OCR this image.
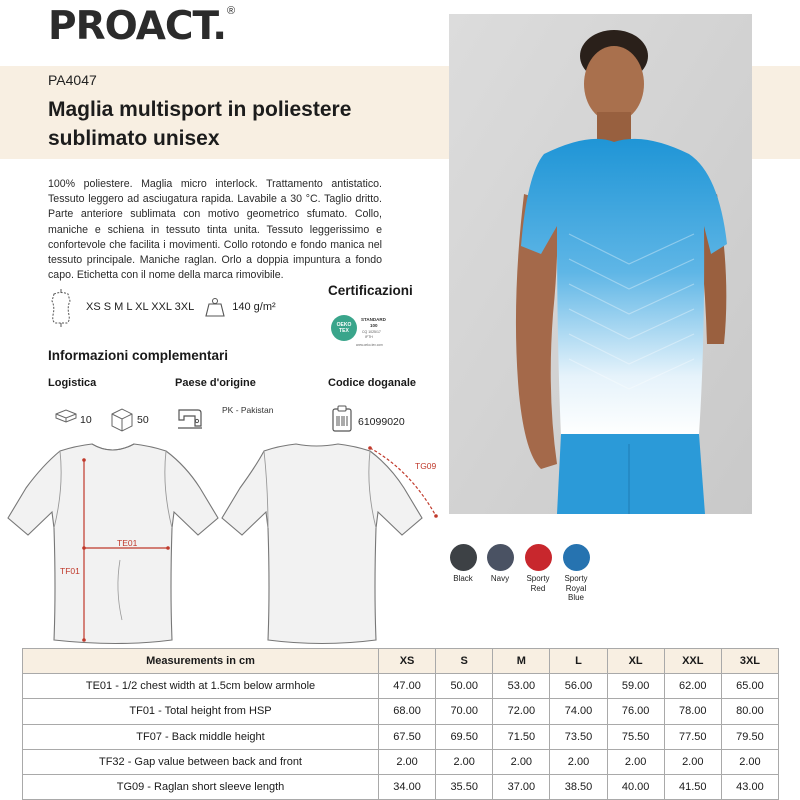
PROACT. ®
PA4047
Maglia multisport in poliestere sublimato unisex
100% poliestere. Maglia micro interlock. Trattamento antistatico. Tessuto leggero ad asciugatura rapida. Lavabile a 30 °C. Taglio dritto. Parte anteriore sublimata con motivo geometrico sfumato. Collo, maniche e schiena in tessuto tinta unita. Tessuto leggerissimo e confortevole che facilita i movimenti. Collo rotondo e fondo manica nel tessuto principale. Maniche raglan. Orlo a doppia impuntura a fondo capo. Etichetta con il nome della marca rimovibile.
XS S M L XL XXL 3XL	140 g/m²
Certificazioni
OEKO
TEX
STANDARD
100
CQ 1025/17
IFTH
www.oeko-tex.com
Informazioni complementari
Logistica	Paese d'origine	Codice doganale
10	50
PK - Pakistan
61099020
TE01
TF01
TG09
Black	Navy	Sporty
Red
Sporty
Royal
Blue
Measurements in cm	XS	S	M	L	XL	XXL	3XL
TE01 - 1/2 chest width at 1.5cm below armhole	47.00	50.00	53.00	56.00	59.00	62.00	65.00
TF01 - Total height from HSP	68.00	70.00	72.00	74.00	76.00	78.00	80.00
TF07 - Back middle height	67.50	69.50	71.50	73.50	75.50	77.50	79.50
TF32 - Gap value between back and front	2.00	2.00	2.00	2.00	2.00	2.00	2.00
TG09 - Raglan short sleeve length	34.00	35.50	37.00	38.50	40.00	41.50	43.00
